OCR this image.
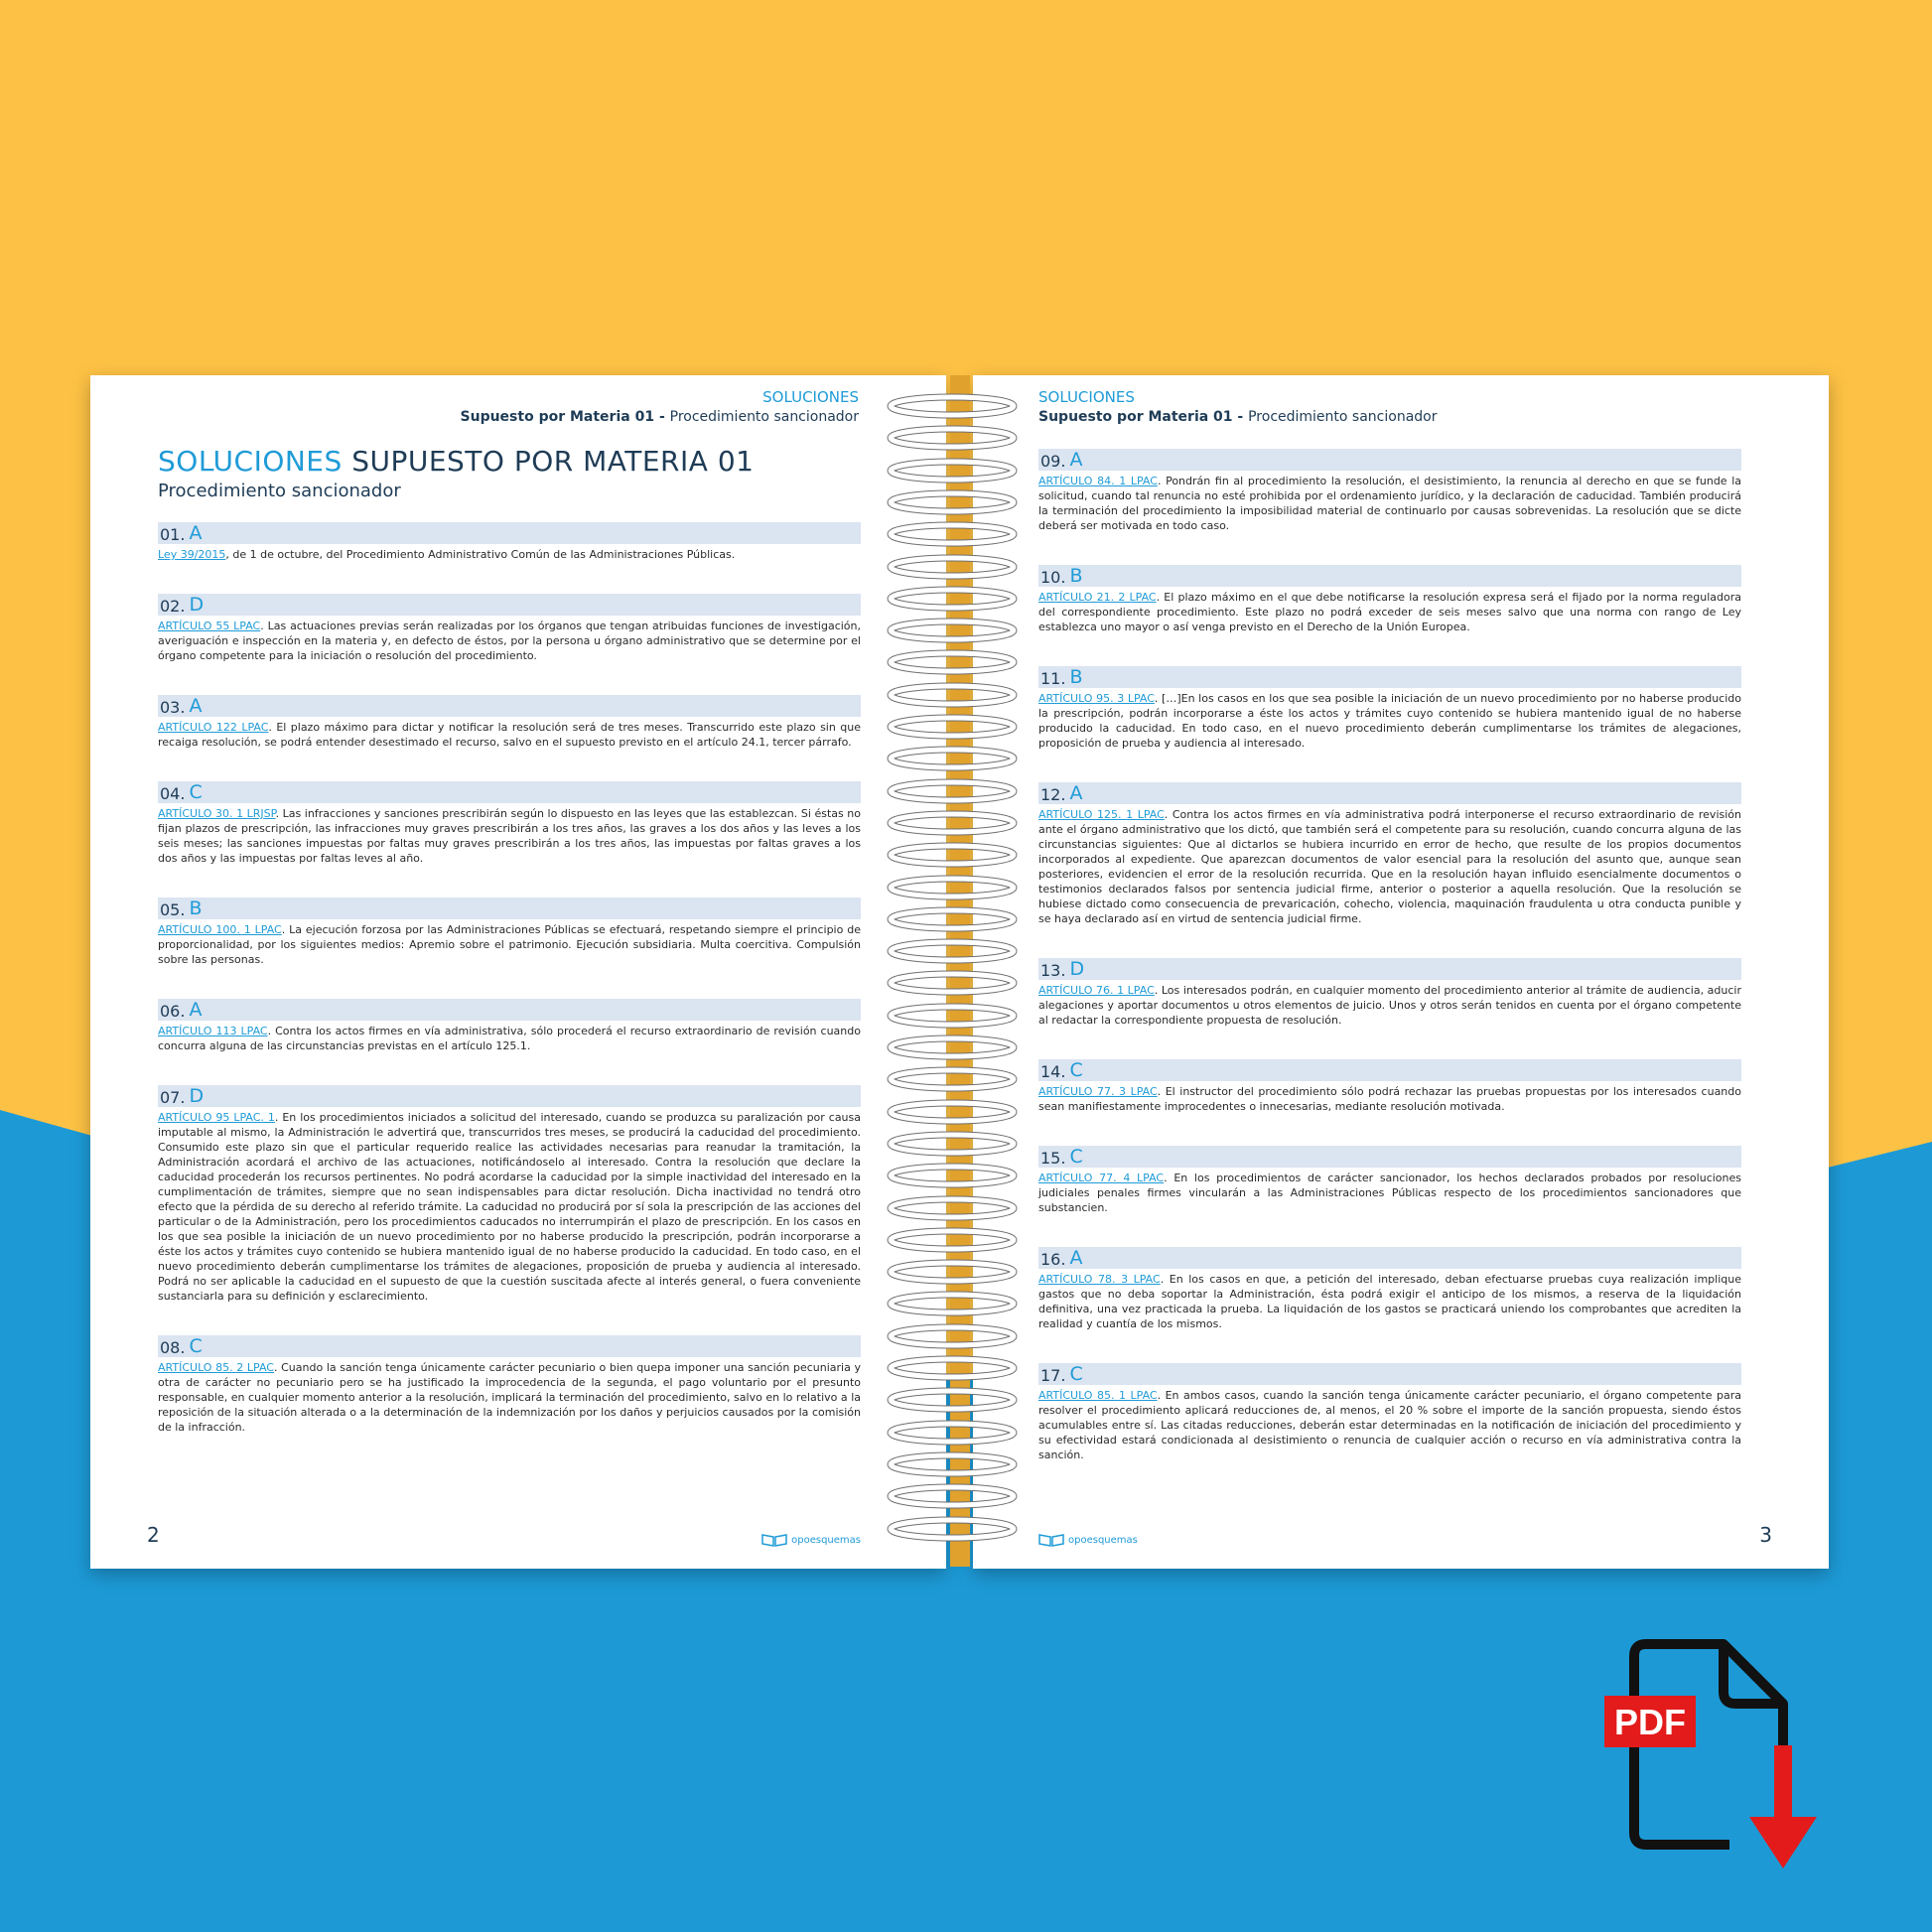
SOLUCIONES
Supuesto por Materia 01 - Procedimiento sancionador
SOLUCIONES SUPUESTO POR MATERIA 01
Procedimiento sancionador
01. A
Ley 39/2015, de 1 de octubre, del Procedimiento Administrativo Común de las Administraciones Públicas.
02. D
ARTÍCULO 55 LPAC. Las actuaciones previas serán realizadas por los órganos que tengan atribuidas funciones de investigación, averiguación e inspección en la materia y, en defecto de éstos, por la persona u órgano administrativo que se determine por el órgano competente para la iniciación o resolución del procedimiento.
03. A
ARTÍCULO 122 LPAC. El plazo máximo para dictar y notificar la resolución será de tres meses. Transcurrido este plazo sin que recaiga resolución, se podrá entender desestimado el recurso, salvo en el supuesto previsto en el artículo 24.1, tercer párrafo.
04. C
ARTÍCULO 30. 1 LRJSP. Las infracciones y sanciones prescribirán según lo dispuesto en las leyes que las establezcan. Si éstas no fijan plazos de prescripción, las infracciones muy graves prescribirán a los tres años, las graves a los dos años y las leves a los seis meses; las sanciones impuestas por faltas muy graves prescribirán a los tres años, las impuestas por faltas graves a los dos años y las impuestas por faltas leves al año.
05. B
ARTÍCULO 100. 1 LPAC. La ejecución forzosa por las Administraciones Públicas se efectuará, respetando siempre el principio de proporcionalidad, por los siguientes medios: Apremio sobre el patrimonio. Ejecución subsidiaria. Multa coercitiva. Compulsión sobre las personas.
06. A
ARTÍCULO 113 LPAC. Contra los actos firmes en vía administrativa, sólo procederá el recurso extraordinario de revisión cuando concurra alguna de las circunstancias previstas en el artículo 125.1.
07. D
ARTÍCULO 95 LPAC. 1. En los procedimientos iniciados a solicitud del interesado, cuando se produzca su paralización por causa imputable al mismo, la Administración le advertirá que, transcurridos tres meses, se producirá la caducidad del procedimiento. Consumido este plazo sin que el particular requerido realice las actividades necesarias para reanudar la tramitación, la Administración acordará el archivo de las actuaciones, notificándoselo al interesado. Contra la resolución que declare la caducidad procederán los recursos pertinentes. No podrá acordarse la caducidad por la simple inactividad del interesado en la cumplimentación de trámites, siempre que no sean indispensables para dictar resolución. Dicha inactividad no tendrá otro efecto que la pérdida de su derecho al referido trámite. La caducidad no producirá por sí sola la prescripción de las acciones del particular o de la Administración, pero los procedimientos caducados no interrumpirán el plazo de prescripción. En los casos en los que sea posible la iniciación de un nuevo procedimiento por no haberse producido la prescripción, podrán incorporarse a éste los actos y trámites cuyo contenido se hubiera mantenido igual de no haberse producido la caducidad. En todo caso, en el nuevo procedimiento deberán cumplimentarse los trámites de alegaciones, proposición de prueba y audiencia al interesado. Podrá no ser aplicable la caducidad en el supuesto de que la cuestión suscitada afecte al interés general, o fuera conveniente sustanciarla para su definición y esclarecimiento.
08. C
ARTÍCULO 85. 2 LPAC. Cuando la sanción tenga únicamente carácter pecuniario o bien quepa imponer una sanción pecuniaria y otra de carácter no pecuniario pero se ha justificado la improcedencia de la segunda, el pago voluntario por el presunto responsable, en cualquier momento anterior a la resolución, implicará la terminación del procedimiento, salvo en lo relativo a la reposición de la situación alterada o a la determinación de la indemnización por los daños y perjuicios causados por la comisión de la infracción.
2	opoesquemas
SOLUCIONES
Supuesto por Materia 01 - Procedimiento sancionador
09. A
ARTÍCULO 84. 1 LPAC. Pondrán fin al procedimiento la resolución, el desistimiento, la renuncia al derecho en que se funde la solicitud, cuando tal renuncia no esté prohibida por el ordenamiento jurídico, y la declaración de caducidad. También producirá la terminación del procedimiento la imposibilidad material de continuarlo por causas sobrevenidas. La resolución que se dicte deberá ser motivada en todo caso.
10. B
ARTÍCULO 21. 2 LPAC. El plazo máximo en el que debe notificarse la resolución expresa será el fijado por la norma reguladora del correspondiente procedimiento. Este plazo no podrá exceder de seis meses salvo que una norma con rango de Ley establezca uno mayor o así venga previsto en el Derecho de la Unión Europea.
11. B
ARTÍCULO 95. 3 LPAC. […]En los casos en los que sea posible la iniciación de un nuevo procedimiento por no haberse producido la prescripción, podrán incorporarse a éste los actos y trámites cuyo contenido se hubiera mantenido igual de no haberse producido la caducidad. En todo caso, en el nuevo procedimiento deberán cumplimentarse los trámites de alegaciones, proposición de prueba y audiencia al interesado.
12. A
ARTÍCULO 125. 1 LPAC. Contra los actos firmes en vía administrativa podrá interponerse el recurso extraordinario de revisión ante el órgano administrativo que los dictó, que también será el competente para su resolución, cuando concurra alguna de las circunstancias siguientes: Que al dictarlos se hubiera incurrido en error de hecho, que resulte de los propios documentos incorporados al expediente. Que aparezcan documentos de valor esencial para la resolución del asunto que, aunque sean posteriores, evidencien el error de la resolución recurrida. Que en la resolución hayan influido esencialmente documentos o testimonios declarados falsos por sentencia judicial firme, anterior o posterior a aquella resolución. Que la resolución se hubiese dictado como consecuencia de prevaricación, cohecho, violencia, maquinación fraudulenta u otra conducta punible y se haya declarado así en virtud de sentencia judicial firme.
13. D
ARTÍCULO 76. 1 LPAC. Los interesados podrán, en cualquier momento del procedimiento anterior al trámite de audiencia, aducir alegaciones y aportar documentos u otros elementos de juicio. Unos y otros serán tenidos en cuenta por el órgano competente al redactar la correspondiente propuesta de resolución.
14. C
ARTÍCULO 77. 3 LPAC. El instructor del procedimiento sólo podrá rechazar las pruebas propuestas por los interesados cuando sean manifiestamente improcedentes o innecesarias, mediante resolución motivada.
15. C
ARTÍCULO 77. 4 LPAC. En los procedimientos de carácter sancionador, los hechos declarados probados por resoluciones judiciales penales firmes vincularán a las Administraciones Públicas respecto de los procedimientos sancionadores que substancien.
16. A
ARTÍCULO 78. 3 LPAC. En los casos en que, a petición del interesado, deban efectuarse pruebas cuya realización implique gastos que no deba soportar la Administración, ésta podrá exigir el anticipo de los mismos, a reserva de la liquidación definitiva, una vez practicada la prueba. La liquidación de los gastos se practicará uniendo los comprobantes que acrediten la realidad y cuantía de los mismos.
17. C
ARTÍCULO 85. 1 LPAC. En ambos casos, cuando la sanción tenga únicamente carácter pecuniario, el órgano competente para resolver el procedimiento aplicará reducciones de, al menos, el 20 % sobre el importe de la sanción propuesta, siendo éstos acumulables entre sí. Las citadas reducciones, deberán estar determinadas en la notificación de iniciación del procedimiento y su efectividad estará condicionada al desistimiento o renuncia de cualquier acción o recurso en vía administrativa contra la sanción.
3
opoesquemas
PDF
